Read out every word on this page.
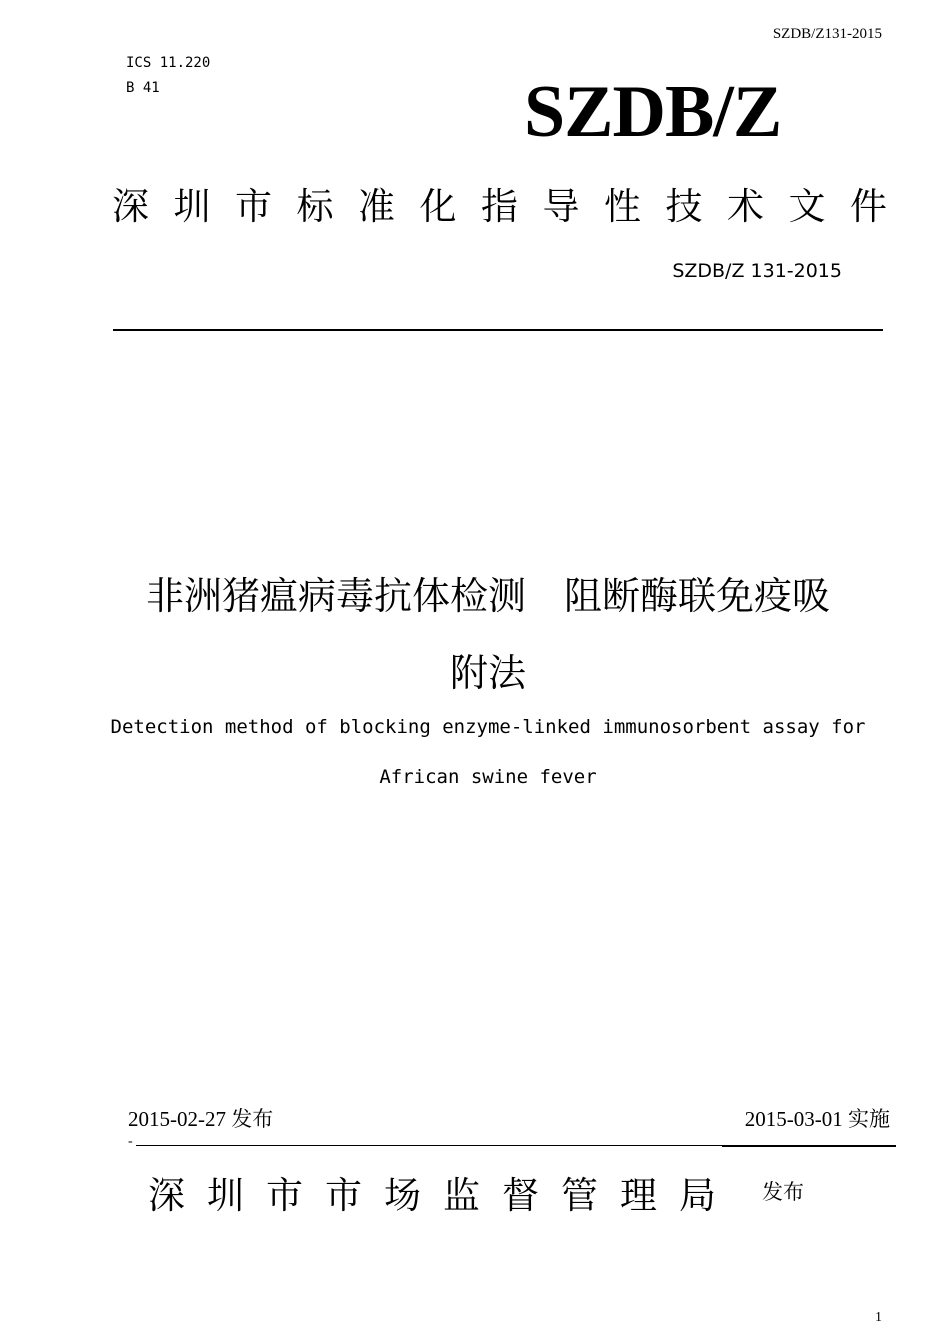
SZDB/Z131-2015
ICS 11.220
B 41	SZDB/Z
深圳市标准化指导性技术文件
SZDB/Z 131-2015
非洲猪瘟病毒抗体检测　阻断酶联免疫吸
附法
Detection method of blocking enzyme-linked immunosorbent assay for
African swine fever
2015-02-27 发布	2015-03-01 实施
-
深圳市市场监督管理局 发布
1
